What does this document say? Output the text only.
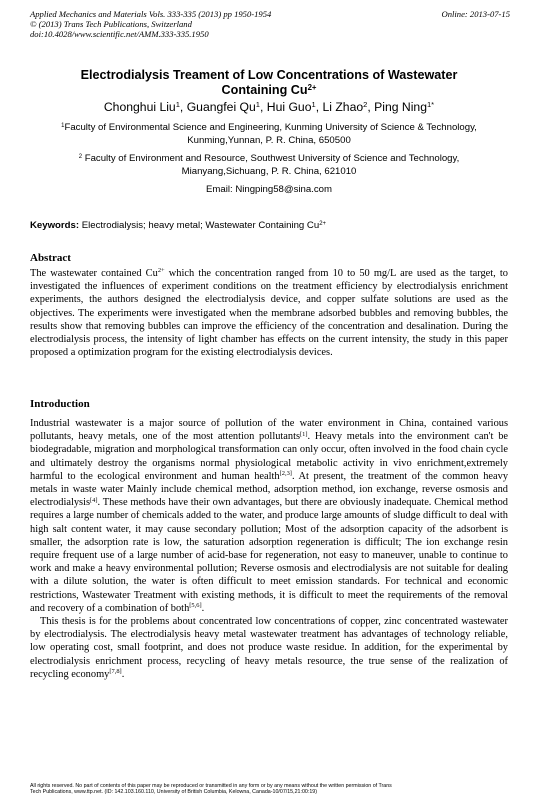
Applied Mechanics and Materials Vols. 333-335 (2013) pp 1950-1954	Online: 2013-07-15
© (2013) Trans Tech Publications, Switzerland
doi:10.4028/www.scientific.net/AMM.333-335.1950
Electrodialysis Treament of Low Concentrations of Wastewater
Containing $Cu^{2+}$
Chonghui Liu$^1$, Guangfei Qu$^1$, Hui Guo$^1$, Li Zhao$^2$, Ping Ning$^{1*}$
$^1$Faculty of Environmental Science and Engineering, Kunming University of Science & Technology,
Kunming,Yunnan, P. R. China, 650500
$^2$ Faculty of Environment and Resource, Southwest University of Science and Technology,
Mianyang,Sichuang, P. R. China, 621010
Email: Ningping58@sina.com
Keywords: Electrodialysis; heavy metal; Wastewater Containing $Cu^{2+}$
Abstract

The wastewater contained $Cu^{2+}$ which the concentration ranged from 10 to 50 mg/L are used as the target, to investigated the influences of experiment conditions on the treatment efficiency by electrodialysis enrichment experiments, the authors designed the electrodialysis device, and copper sulfate solutions are used as the objectives. The experiments were investigated when the membrane adsorbed bubbles and removing bubbles, the results show that removing bubbles can improve the efficiency of the concentration and desalination. During the electrodialysis process, the intensity of light chamber has effects on the current intensity, the study in this paper proposed a optimization program for the existing electrodialysis devices.

Introduction

Industrial wastewater is a major source of pollution of the water environment in China, contained various pollutants, heavy metals, one of the most attention pollutants[1]. Heavy metals into the environment can't be biodegradable, migration and morphological transformation can only occur, often involved in the food chain cycle and ultimately destroy the organisms normal physiological metabolic activity in vivo enrichment,extremely harmful to the ecological environment and human health[2,3]. At present, the treatment of the common heavy metals in waste water Mainly include chemical method, adsorption method, ion exchange, reverse osmosis and electrodialysis[4]. These methods have their own advantages, but there are obviously inadequate. Chemical method requires a large number of chemicals added to the water, and produce large amounts of sludge difficult to deal with high salt content water, it may cause secondary pollution; Most of the adsorption capacity of the adsorbent is smaller, the adsorption rate is low, the saturation adsorption regeneration is difficult; The ion exchange resin require frequent use of a large number of acid-base for regeneration, not easy to maneuver, unable to continue to work and make a heavy environmental pollution; Reverse osmosis and electrodialysis are not suitable for dealing with a dilute solution, the water is often difficult to meet emission standards. For technical and economic restrictions, Wastewater Treatment with existing methods, it is difficult to meet the requirements of the removal and recovery of a combination of both[5,6].

This thesis is for the problems about concentrated low concentrations of copper, zinc concentrated wastewater by electrodialysis. The electrodialysis heavy metal wastewater treatment has advantages of technology reliable, low operating cost, small footprint, and does not produce waste residue. In addition, for the experimental by electrodialysis enrichment process, recycling of heavy metals resource, the true sense of the realization of recycling economy[7,8].

All rights reserved. No part of contents of this paper may be reproduced or transmitted in any form or by any means without the written permission of Trans
Tech Publications, www.ttp.net. (ID: 142.103.160.110, University of British Columbia, Kelowna, Canada-10/07/15,21:00:19)
